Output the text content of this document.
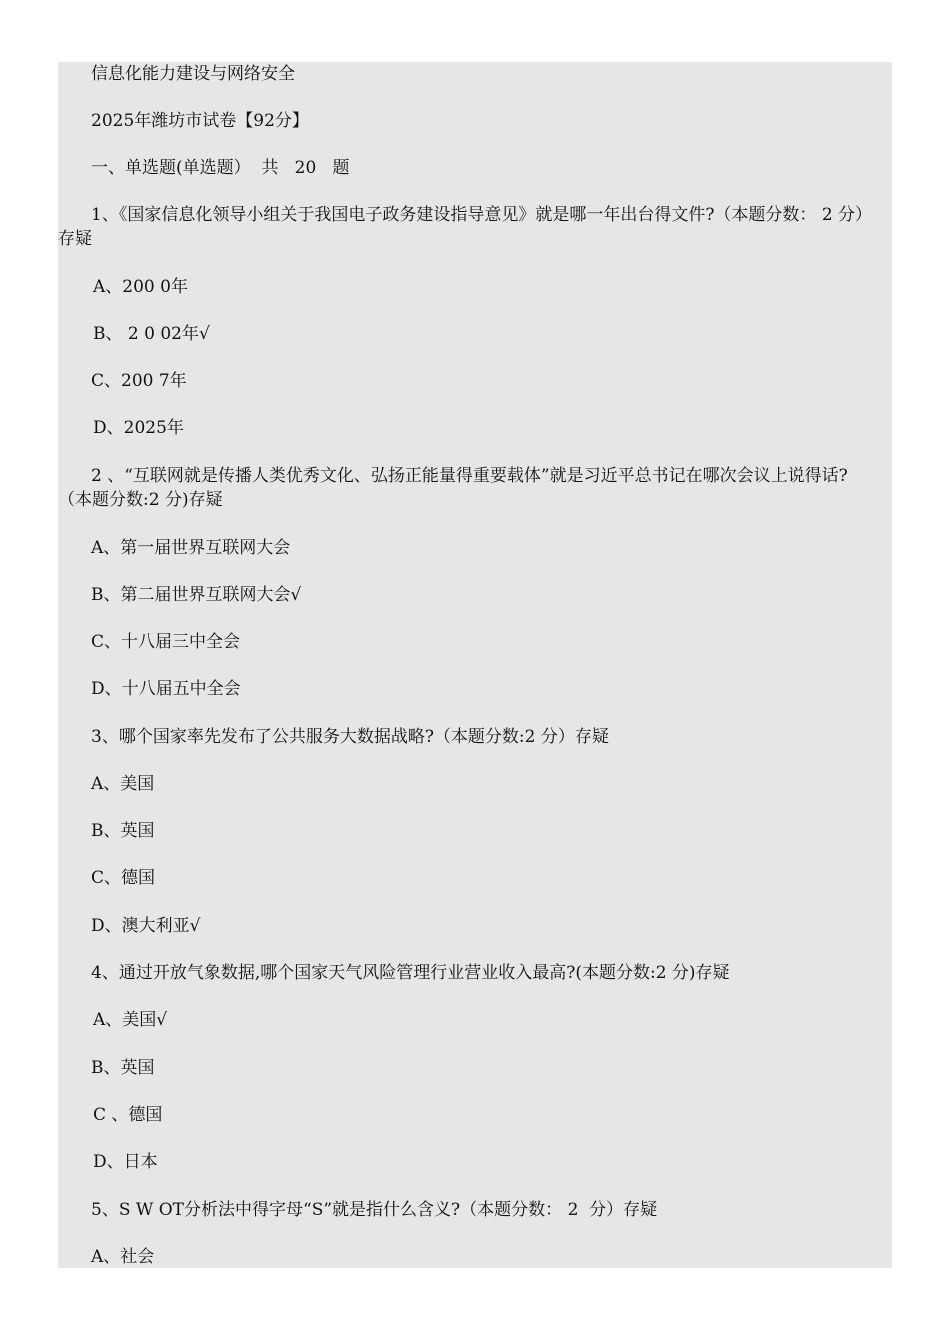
信息化能力建设与网络安全
2025年潍坊市试卷【92分】
一、单选题(单选题）  共   20   题
1、《国家信息化领导小组关于我国电子政务建设指导意见》就是哪一年出台得文件?（本题分数： 2 分）存疑
A、200 0年
B、 2 0 02年√
C、200 7年
D、2025年
2 、“互联网就是传播人类优秀文化、弘扬正能量得重要载体”就是习近平总书记在哪次会议上说得话?（本题分数:2 分)存疑
A、第一届世界互联网大会
B、第二届世界互联网大会√
C、十八届三中全会
D、十八届五中全会
3、哪个国家率先发布了公共服务大数据战略?（本题分数:2 分）存疑
A、美国
B、英国
C、德国
D、澳大利亚√
4、通过开放气象数据,哪个国家天气风险管理行业营业收入最高?(本题分数:2 分)存疑
A、美国√
B、英国
C 、德国
D、日本
5、S W OT分析法中得字母“S”就是指什么含义?（本题分数： 2  分）存疑
A、社会
